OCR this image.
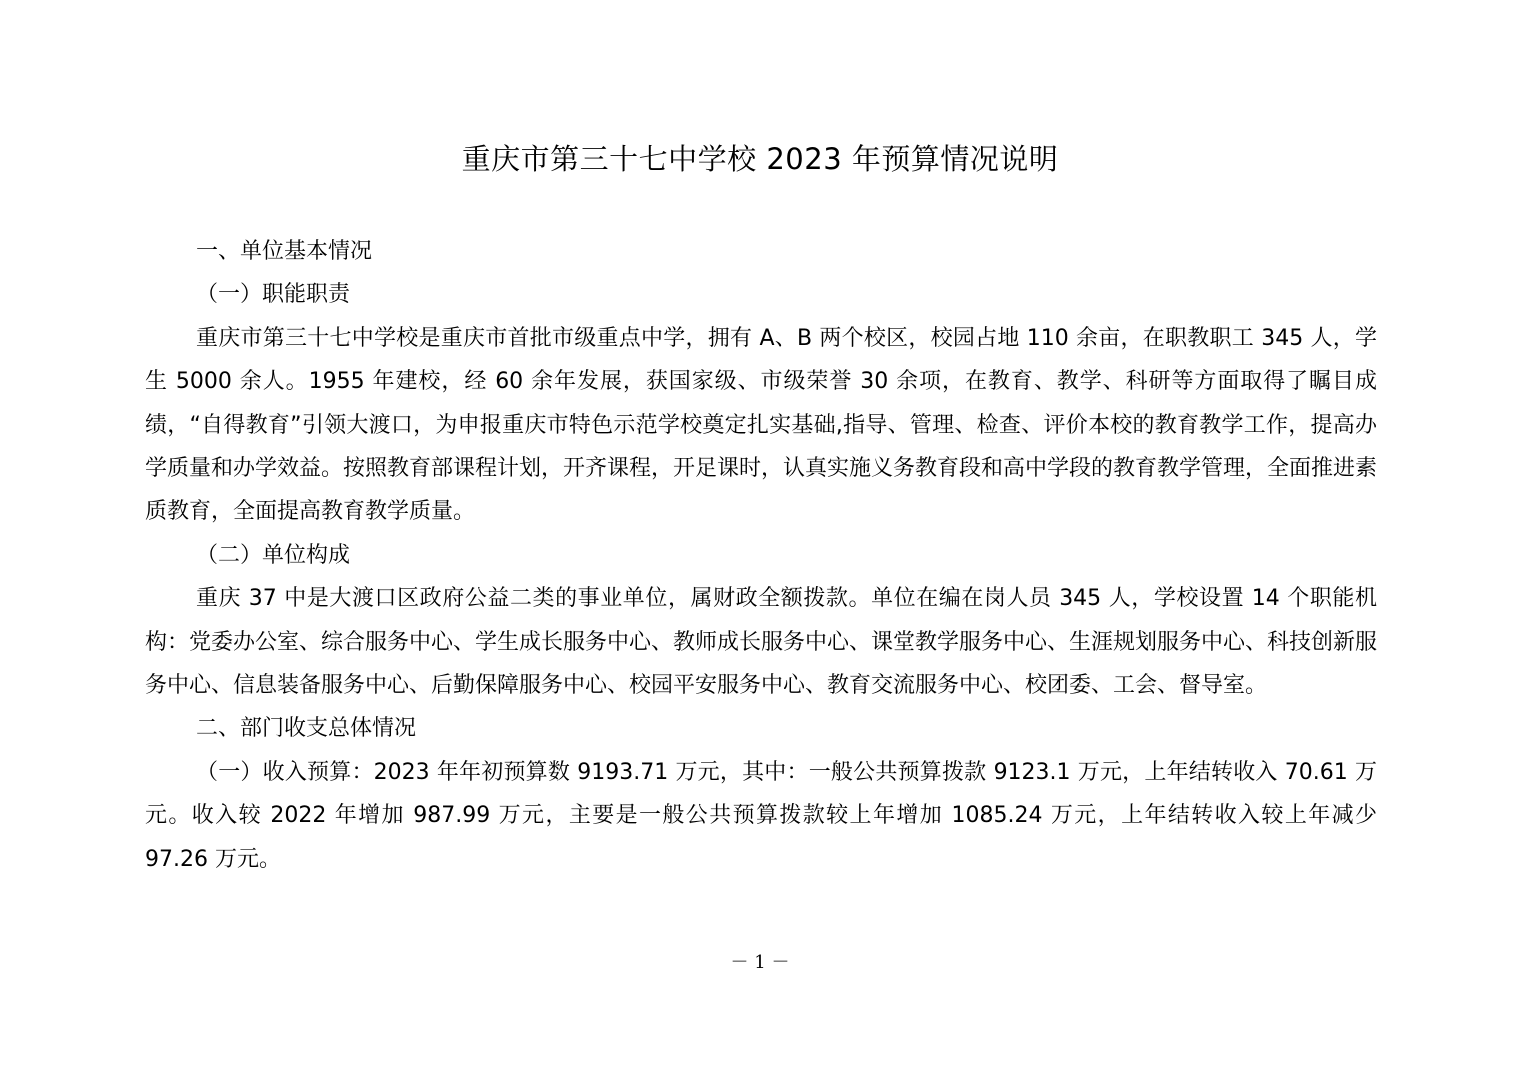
重庆市第三十七中学校 2023 年预算情况说明

一、单位基本情况

（一）职能职责

重庆市第三十七中学校是重庆市首批市级重点中学，拥有 A、B 两个校区，校园占地 110 余亩，在职教职工 345 人，学生 5000 余人。1955 年建校，经 60 余年发展，获国家级、市级荣誉 30 余项，在教育、教学、科研等方面取得了瞩目成绩，“自得教育”引领大渡口，为申报重庆市特色示范学校奠定扎实基础,指导、管理、检查、评价本校的教育教学工作，提高办学质量和办学效益。按照教育部课程计划，开齐课程，开足课时，认真实施义务教育段和高中学段的教育教学管理，全面推进素质教育，全面提高教育教学质量。

（二）单位构成

重庆 37 中是大渡口区政府公益二类的事业单位，属财政全额拨款。单位在编在岗人员 345 人，学校设置 14 个职能机构：党委办公室、综合服务中心、学生成长服务中心、教师成长服务中心、课堂教学服务中心、生涯规划服务中心、科技创新服务中心、信息装备服务中心、后勤保障服务中心、校园平安服务中心、教育交流服务中心、校团委、工会、督导室。

二、部门收支总体情况

（一）收入预算：2023 年年初预算数 9193.71 万元，其中：一般公共预算拨款 9123.1 万元，上年结转收入 70.61 万元。收入较 2022 年增加 987.99 万元，主要是一般公共预算拨款较上年增加 1085.24 万元，上年结转收入较上年减少 97.26 万元。

－ 1 －
